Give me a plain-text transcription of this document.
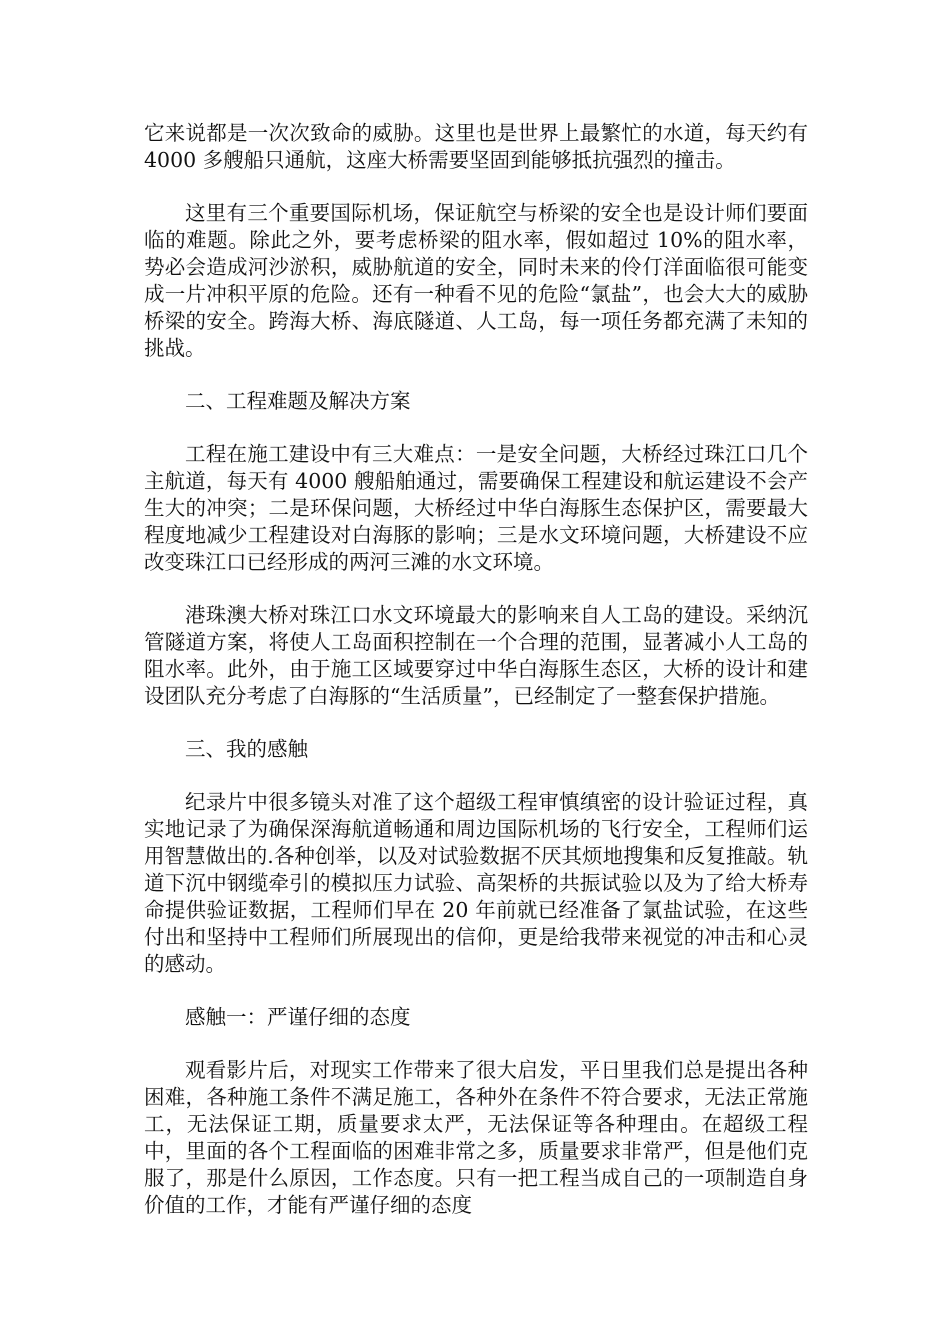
它来说都是一次次致命的威胁。这里也是世界上最繁忙的水道，每天约有 4000 多艘船只通航，这座大桥需要坚固到能够抵抗强烈的撞击。

这里有三个重要国际机场，保证航空与桥梁的安全也是设计师们要面临的难题。除此之外，要考虑桥梁的阻水率，假如超过 10%的阻水率，势必会造成河沙淤积，威胁航道的安全，同时未来的伶仃洋面临很可能变成一片冲积平原的危险。还有一种看不见的危险“氯盐”，也会大大的威胁桥梁的安全。跨海大桥、海底隧道、人工岛，每一项任务都充满了未知的挑战。

二、工程难题及解决方案

工程在施工建设中有三大难点：一是安全问题，大桥经过珠江口几个主航道，每天有 4000 艘船舶通过，需要确保工程建设和航运建设不会产生大的冲突；二是环保问题，大桥经过中华白海豚生态保护区，需要最大程度地减少工程建设对白海豚的影响；三是水文环境问题，大桥建设不应改变珠江口已经形成的两河三滩的水文环境。

港珠澳大桥对珠江口水文环境最大的影响来自人工岛的建设。采纳沉管隧道方案，将使人工岛面积控制在一个合理的范围，显著减小人工岛的阻水率。此外，由于施工区域要穿过中华白海豚生态区，大桥的设计和建设团队充分考虑了白海豚的“生活质量”，已经制定了一整套保护措施。

三、我的感触

纪录片中很多镜头对准了这个超级工程审慎缜密的设计验证过程，真实地记录了为确保深海航道畅通和周边国际机场的飞行安全，工程师们运用智慧做出的.各种创举，以及对试验数据不厌其烦地搜集和反复推敲。轨道下沉中钢缆牵引的模拟压力试验、高架桥的共振试验以及为了给大桥寿命提供验证数据，工程师们早在 20 年前就已经准备了氯盐试验，在这些付出和坚持中工程师们所展现出的信仰，更是给我带来视觉的冲击和心灵的感动。

感触一：严谨仔细的态度

观看影片后，对现实工作带来了很大启发，平日里我们总是提出各种困难，各种施工条件不满足施工，各种外在条件不符合要求，无法正常施工，无法保证工期，质量要求太严，无法保证等各种理由。在超级工程中，里面的各个工程面临的困难非常之多，质量要求非常严，但是他们克服了，那是什么原因，工作态度。只有一把工程当成自己的一项制造自身价值的工作，才能有严谨仔细的态度
